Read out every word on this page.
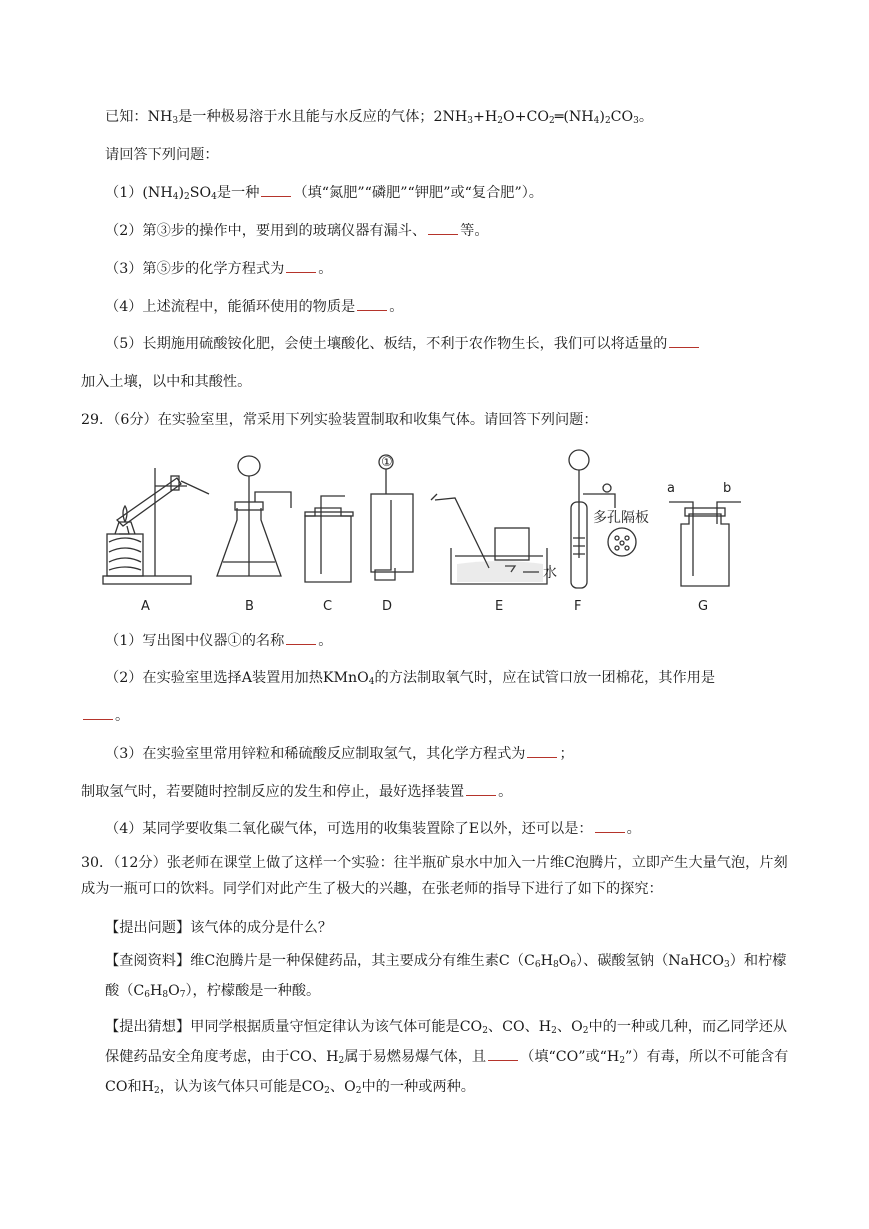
已知：$NH_3$是一种极易溶于水且能与水反应的气体；$2NH_3+H_2O+CO_2═(NH_4)_2CO_3$。
请回答下列问题：
$(1)(NH_4)_2SO_4$是一种 （填“氮肥”“磷肥”“钾肥”或“复合肥”）。
（2）第③步的操作中，要用到的玻璃仪器有漏斗、 等。
（3）第⑤步的化学方程式为 。
（4）上述流程中，能循环使用的物质是 。
（5）长期施用硫酸铵化肥，会使土壤酸化、板结，不利于农作物生长，我们可以将适量的
加入土壤，以中和其酸性。
29．（6分）在实验室里，常采用下列实验装置制取和收集气体。请回答下列问题：
A	B	C	D	E	F	G
①
多孔隔板
水
a	b
（1）写出图中仪器①的名称 。
（2）在实验室里选择A装置用加热KMnO$_4$的方法制取氧气时，应在试管口放一团棉花，其作用是
。
（3）在实验室里常用锌粒和稀硫酸反应制取氢气，其化学方程式为 ；
制取氢气时，若要随时控制反应的发生和停止，最好选择装置 。
（4）某同学要收集二氧化碳气体，可选用的收集装置除了E以外，还可以是： 。
30．（12分）张老师在课堂上做了这样一个实验：往半瓶矿泉水中加入一片维C泡腾片，立即产生大量气泡，片刻成为一瓶可口的饮料。同学们对此产生了极大的兴趣，在张老师的指导下进行了如下的探究：
【提出问题】该气体的成分是什么？
【查阅资料】维C泡腾片是一种保健药品，其主要成分有维生素$C(C_6H_8O_6)$、碳酸氢钠（NaHCO$_3$）和柠檬酸$(C_6H_8O_7)$，柠檬酸是一种酸。
【提出猜想】甲同学根据质量守恒定律认为该气体可能是$CO_2$、CO、$H_2$、$O_2$中的一种或几种，而乙同学还从保健药品安全角度考虑，由于CO、$H_2$属于易燃易爆气体，且 （填“CO”或“$H_2$”）有毒，所以不可能含有CO和$H_2$，认为该气体只可能是$CO_2$、$O_2$中的一种或两种。
